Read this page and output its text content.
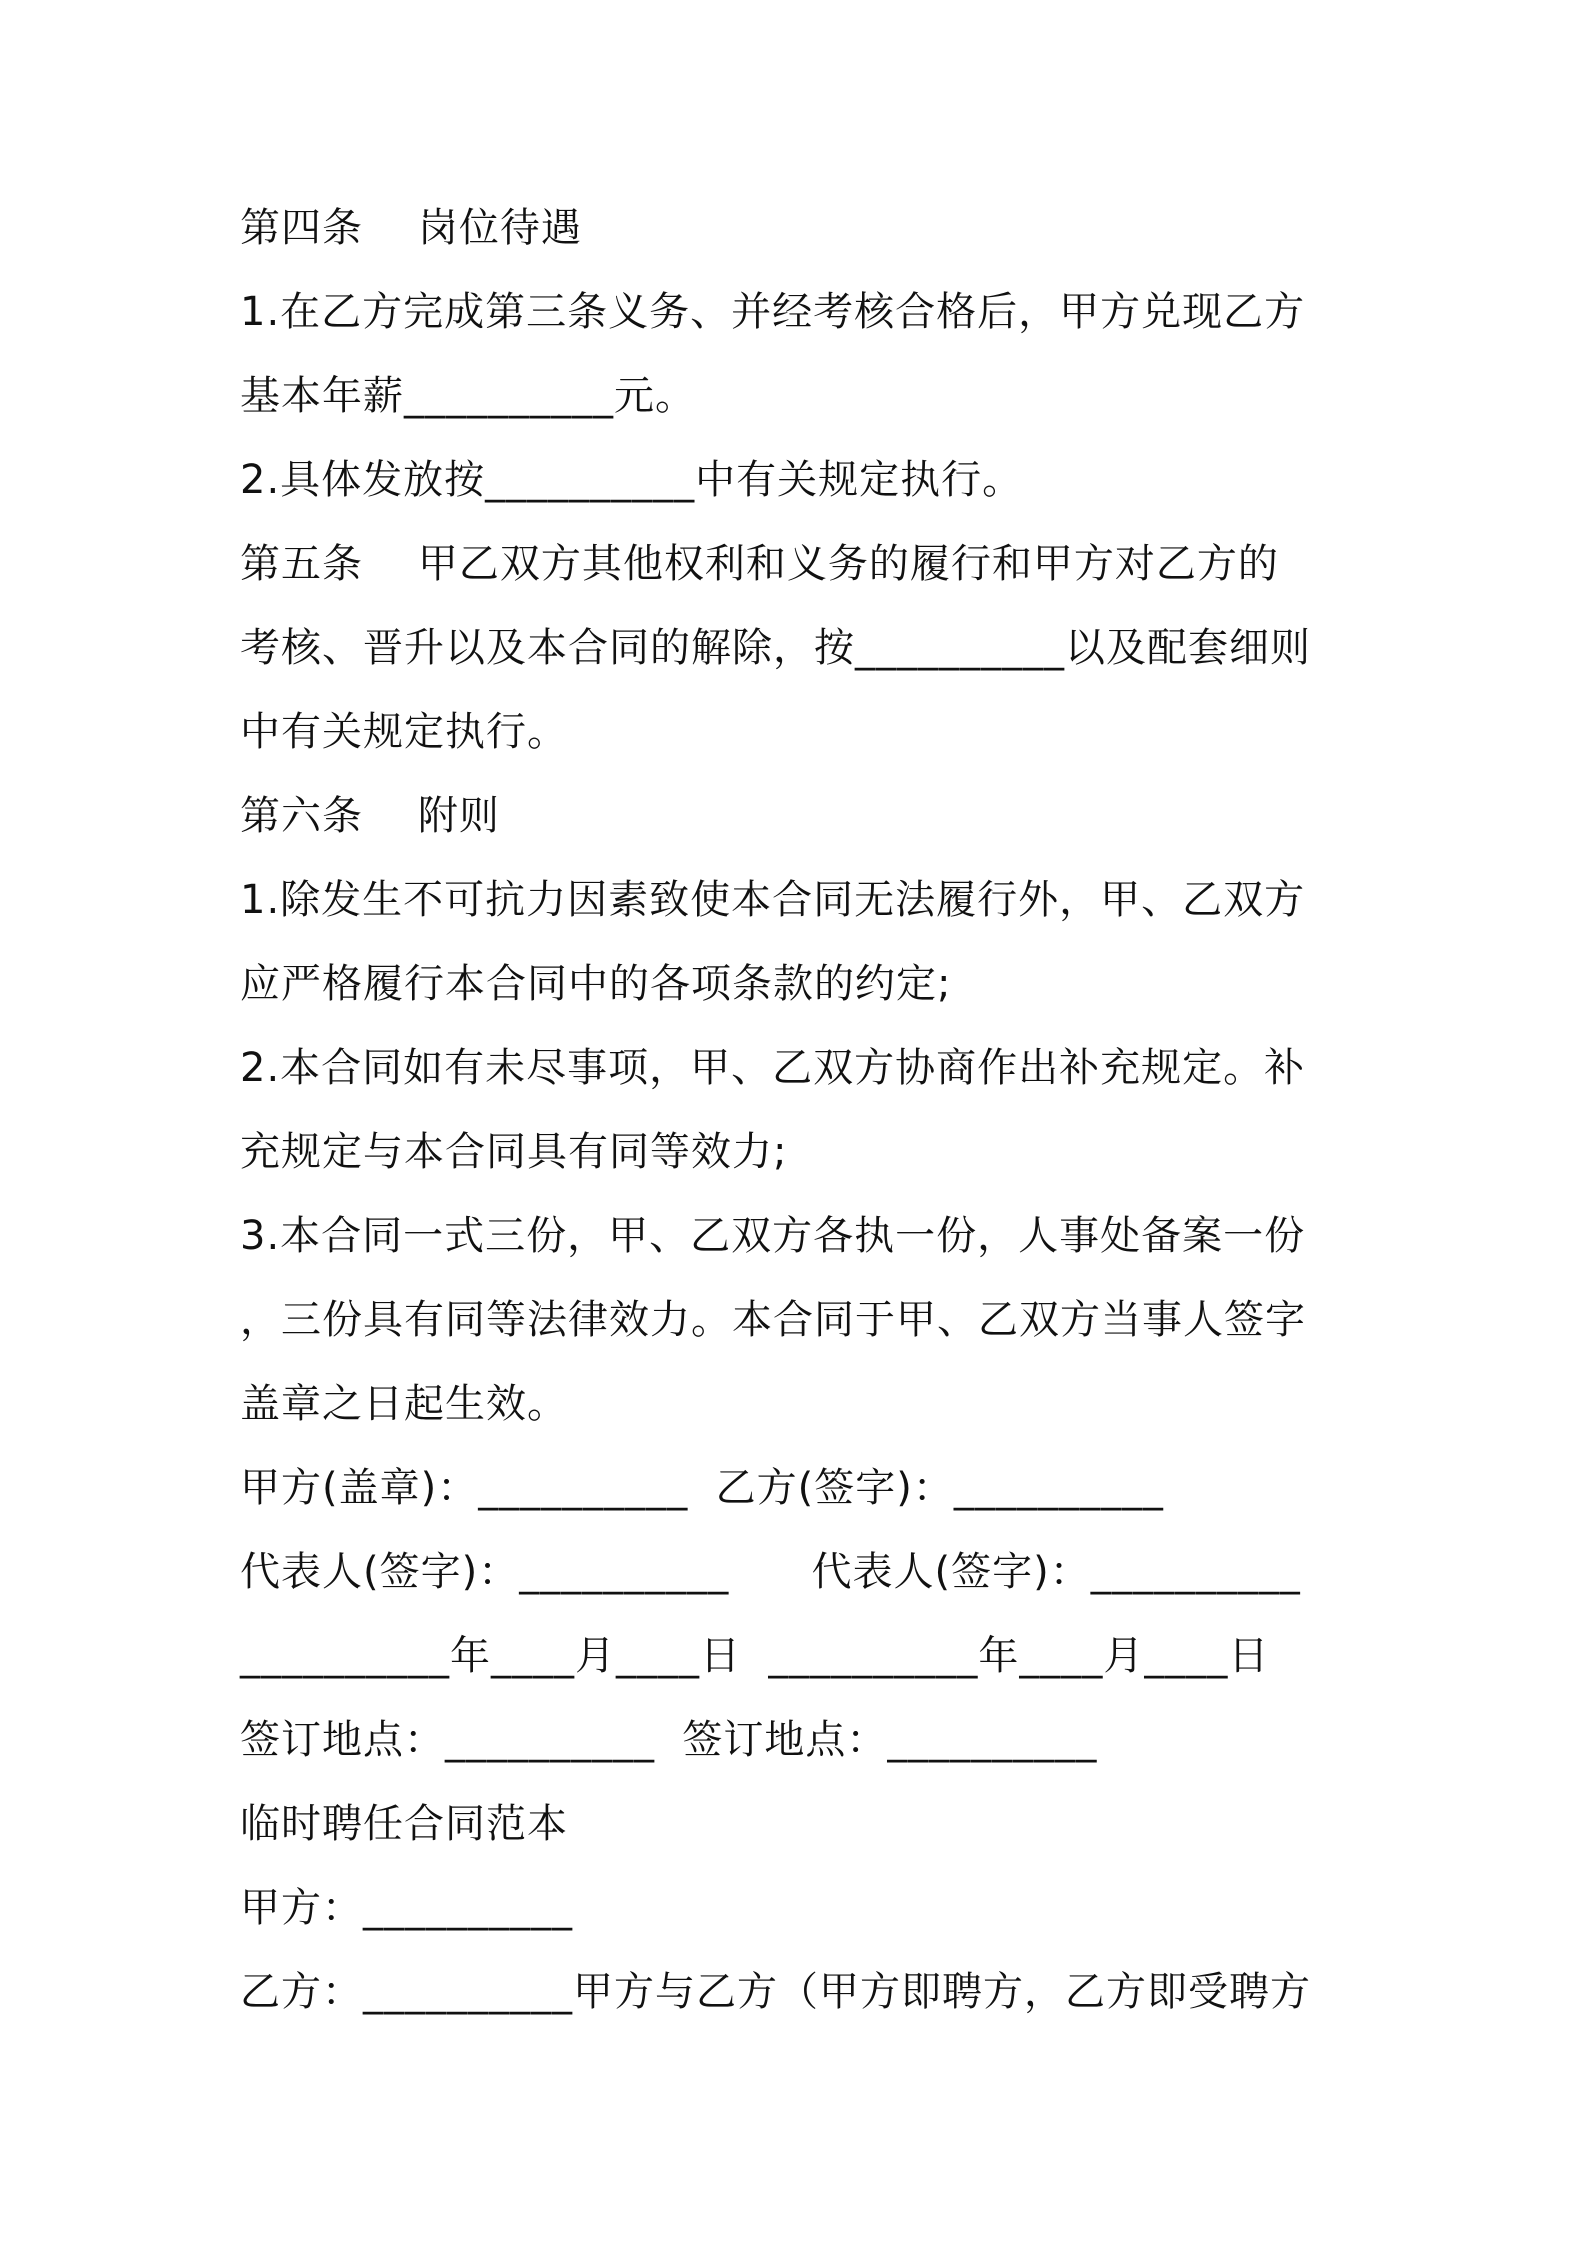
第四条    岗位待遇
1.在乙方完成第三条义务、并经考核合格后，甲方兑现乙方
基本年薪__________元。
2.具体发放按__________中有关规定执行。
第五条    甲乙双方其他权利和义务的履行和甲方对乙方的
考核、晋升以及本合同的解除，按__________以及配套细则
中有关规定执行。
第六条    附则
1.除发生不可抗力因素致使本合同无法履行外，甲、乙双方
应严格履行本合同中的各项条款的约定;
2.本合同如有未尽事项，甲、乙双方协商作出补充规定。补
充规定与本合同具有同等效力;
3.本合同一式三份，甲、乙双方各执一份，人事处备案一份
，三份具有同等法律效力。本合同于甲、乙双方当事人签字
盖章之日起生效。
甲方(盖章)：__________  乙方(签字)：__________
代表人(签字)：__________      代表人(签字)：__________
__________年____月____日  __________年____月____日
签订地点：__________  签订地点：__________
临时聘任合同范本
甲方：__________
乙方：__________甲方与乙方（甲方即聘方，乙方即受聘方
